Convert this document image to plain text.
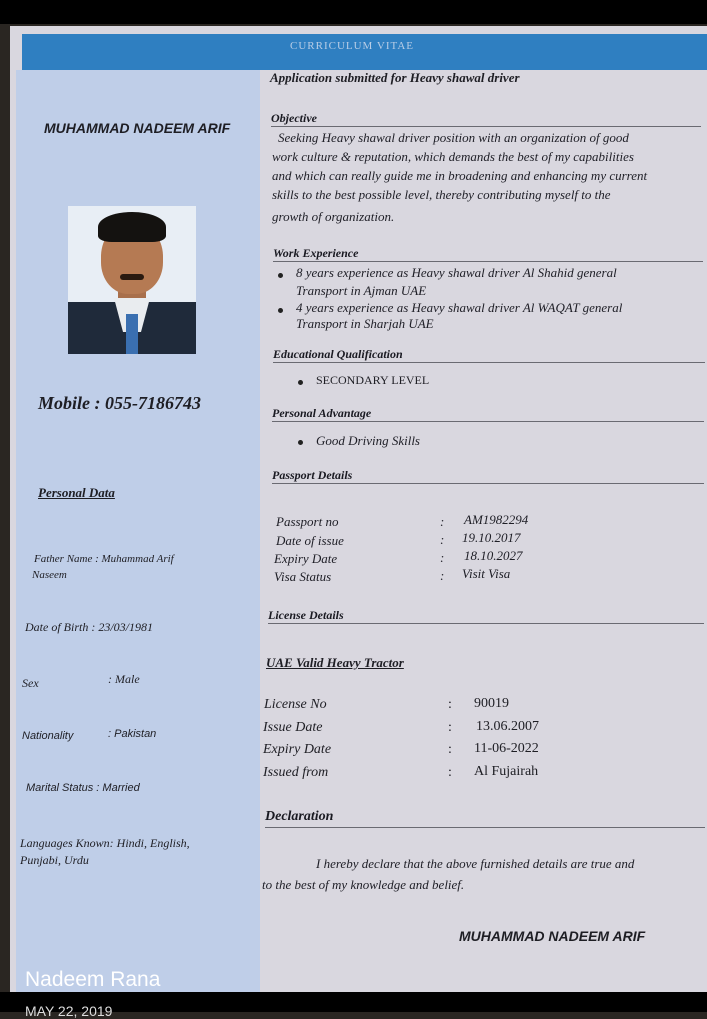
CURRICULUM VITAE
Application submitted for Heavy shawal driver
MUHAMMAD NADEEM ARIF
Mobile : 055-7186743
Personal Data
Father Name : Muhammad Arif
Naseem
Date of Birth : 23/03/1981
Sex	: Male
Nationality	: Pakistan
Marital Status : Married
Languages Known: Hindi, English,
Punjabi, Urdu
Objective
Seeking Heavy shawal driver position with an organization of good
work culture & reputation, which demands the best of my capabilities
and which can really guide me in broadening and enhancing my current
skills to the best possible level, thereby contributing myself to the
growth of organization.
Work Experience
8 years experience as Heavy shawal driver Al Shahid general
Transport in Ajman UAE
4 years experience as Heavy shawal driver Al WAQAT general
Transport in Sharjah UAE
Educational Qualification
SECONDARY LEVEL
Personal Advantage
Good Driving Skills
Passport Details
Passport no	: AM1982294
Date of issue	: 19.10.2017
Expiry Date	: 18.10.2027
Visa Status	: Visit Visa
License Details
UAE Valid Heavy Tractor
License No	: 90019
Issue Date	: 13.06.2007
Expiry Date	: 11-06-2022
Issued from	: Al Fujairah
Declaration
I hereby declare that the above furnished details are true and
to the best of my knowledge and belief.
MUHAMMAD NADEEM ARIF
Nadeem Rana
MAY 22, 2019
